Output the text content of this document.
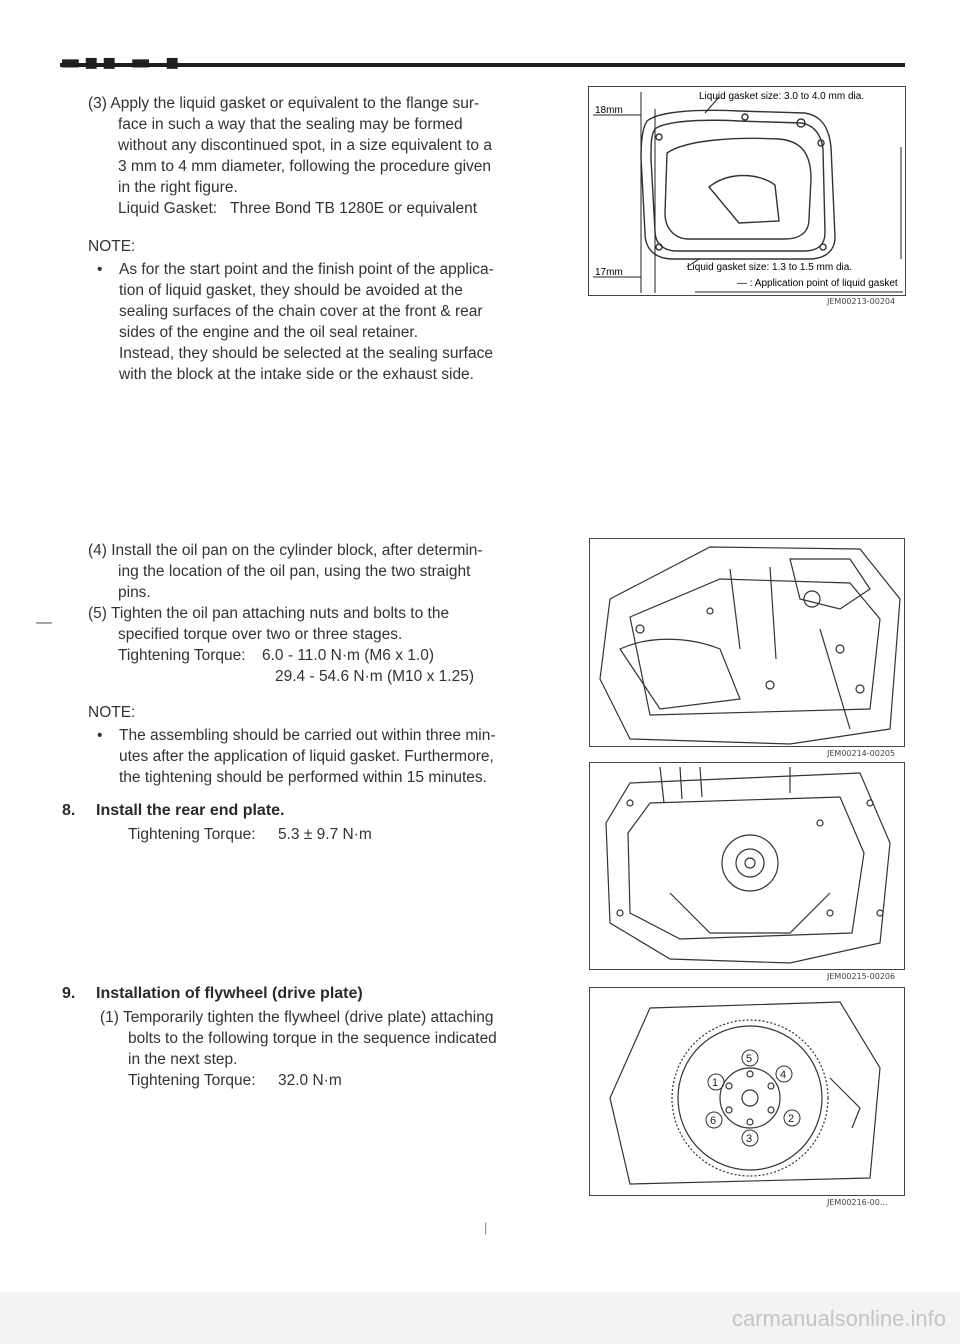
(3) Apply the liquid gasket or equivalent to the flange sur-
face in such a way that the sealing may be formed
without any discontinued spot, in a size equivalent to a
3 mm to 4 mm diameter, following the procedure given
in the right figure.
Liquid Gasket: Three Bond TB 1280E or equivalent
NOTE:
• As for the start point and the finish point of the applica-
tion of liquid gasket, they should be avoided at the
sealing surfaces of the chain cover at the front & rear
sides of the engine and the oil seal retainer.
Instead, they should be selected at the sealing surface
with the block at the intake side or the exhaust side.
18mm
17mm
Liquid gasket size: 3.0 to 4.0 mm dia.
Liquid gasket size: 1.3 to 1.5 mm dia.
— : Application point of liquid gasket
JEM00213-00204
(4) Install the oil pan on the cylinder block, after determin-
ing the location of the oil pan, using the two straight
pins.
—
(5) Tighten the oil pan attaching nuts and bolts to the
specified torque over two or three stages.
Tightening Torque: 6.0 - 11.0 N·m (M6 x 1.0)
29.4 - 54.6 N·m (M10 x 1.25)
NOTE:
• The assembling should be carried out within three min-
utes after the application of liquid gasket. Furthermore,
the tightening should be performed within 15 minutes.
JEM00214-00205
8. Install the rear end plate.
Tightening Torque: 5.3 ± 9.7 N·m
JEM00215-00206
9. Installation of flywheel (drive plate)
(1) Temporarily tighten the flywheel (drive plate) attaching
bolts to the following torque in the sequence indicated
in the next step.
Tightening Torque: 32.0 N·m	1
2
3
4
5
6
JEM00216-00...
|
carmanualsonline.info
